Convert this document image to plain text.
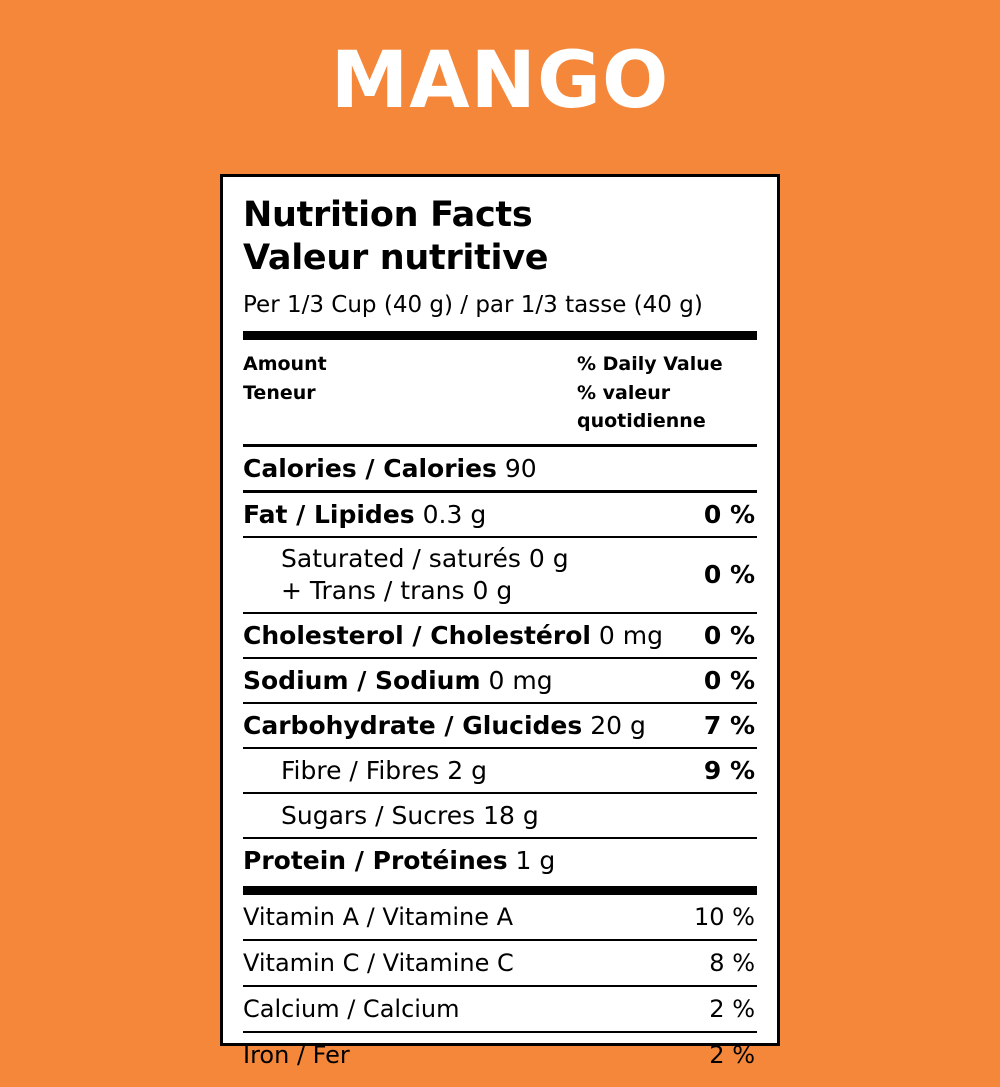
MANGO
Nutrition Facts
Valeur nutritive
Per 1/3 Cup (40 g) / par 1/3 tasse (40 g)
Amount
Teneur
% Daily Value
% valeur
quotidienne
Calories / Calories 90
Fat / Lipides 0.3 g	0 %
Saturated / saturés 0 g
+ Trans / trans 0 g
0 %
Cholesterol / Cholestérol 0 mg 0 %
Sodium / Sodium 0 mg	0 %
Carbohydrate / Glucides 20 g 7 %
Fibre / Fibres 2 g	9 %
Sugars / Sucres 18 g
Protein / Protéines 1 g
Vitamin A / Vitamine A	10 %
Vitamin C / Vitamine C	8 %
Calcium / Calcium	2 %
Iron / Fer	2 %
